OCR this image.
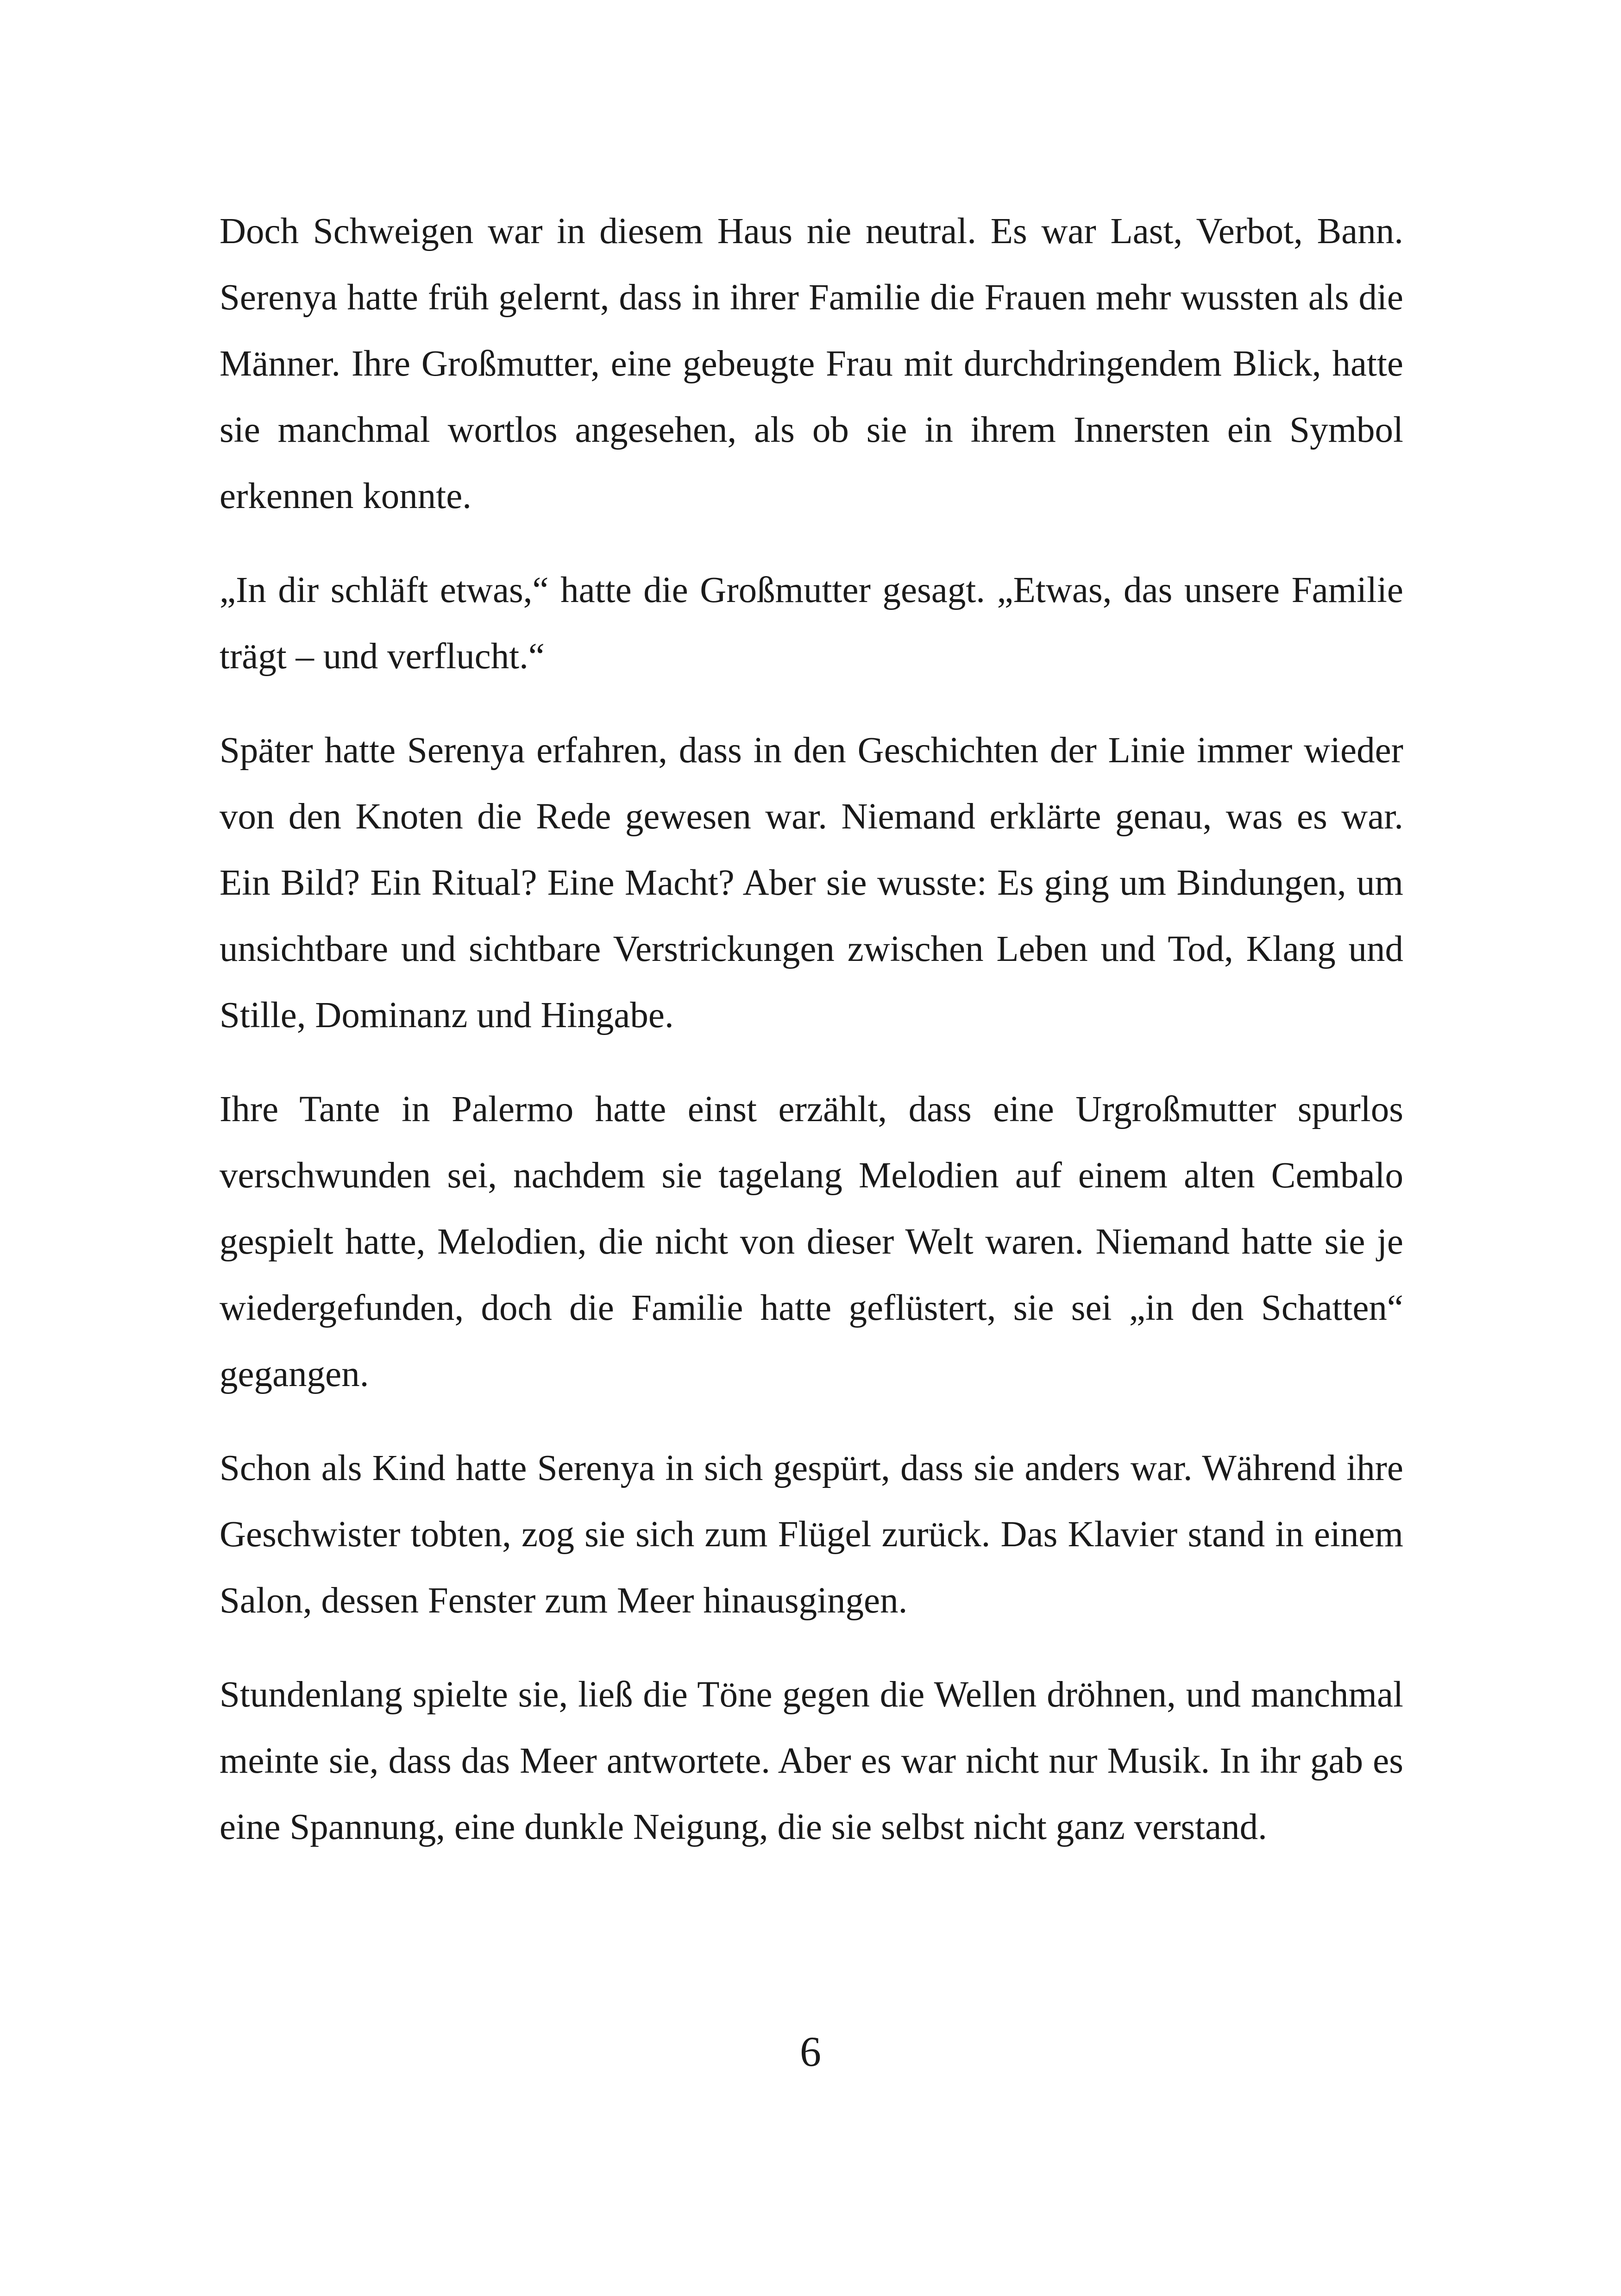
Doch Schweigen war in diesem Haus nie neutral. Es war Last, Verbot, Bann. Serenya hatte früh gelernt, dass in ihrer Familie die Frauen mehr wussten als die Männer. Ihre Großmutter, eine gebeugte Frau mit durchdringendem Blick, hatte sie manchmal wortlos angesehen, als ob sie in ihrem Innersten ein Symbol erkennen konnte.

„In dir schläft etwas,“ hatte die Großmutter gesagt. „Etwas, das unsere Familie trägt – und verflucht.“

Später hatte Serenya erfahren, dass in den Geschichten der Linie immer wieder von den Knoten die Rede gewesen war. Niemand erklärte genau, was es war. Ein Bild? Ein Ritual? Eine Macht? Aber sie wusste: Es ging um Bindungen, um unsichtbare und sichtbare Verstrickungen zwischen Leben und Tod, Klang und Stille, Dominanz und Hingabe.

Ihre Tante in Palermo hatte einst erzählt, dass eine Urgroßmutter spurlos verschwunden sei, nachdem sie tagelang Melodien auf einem alten Cembalo gespielt hatte, Melodien, die nicht von dieser Welt waren. Niemand hatte sie je wiedergefunden, doch die Familie hatte geflüstert, sie sei „in den Schatten“ gegangen.

Schon als Kind hatte Serenya in sich gespürt, dass sie anders war. Während ihre Geschwister tobten, zog sie sich zum Flügel zurück. Das Klavier stand in einem Salon, dessen Fenster zum Meer hinausgingen.

Stundenlang spielte sie, ließ die Töne gegen die Wellen dröhnen, und manchmal meinte sie, dass das Meer antwortete. Aber es war nicht nur Musik. In ihr gab es eine Spannung, eine dunkle Neigung, die sie selbst nicht ganz verstand.

6
